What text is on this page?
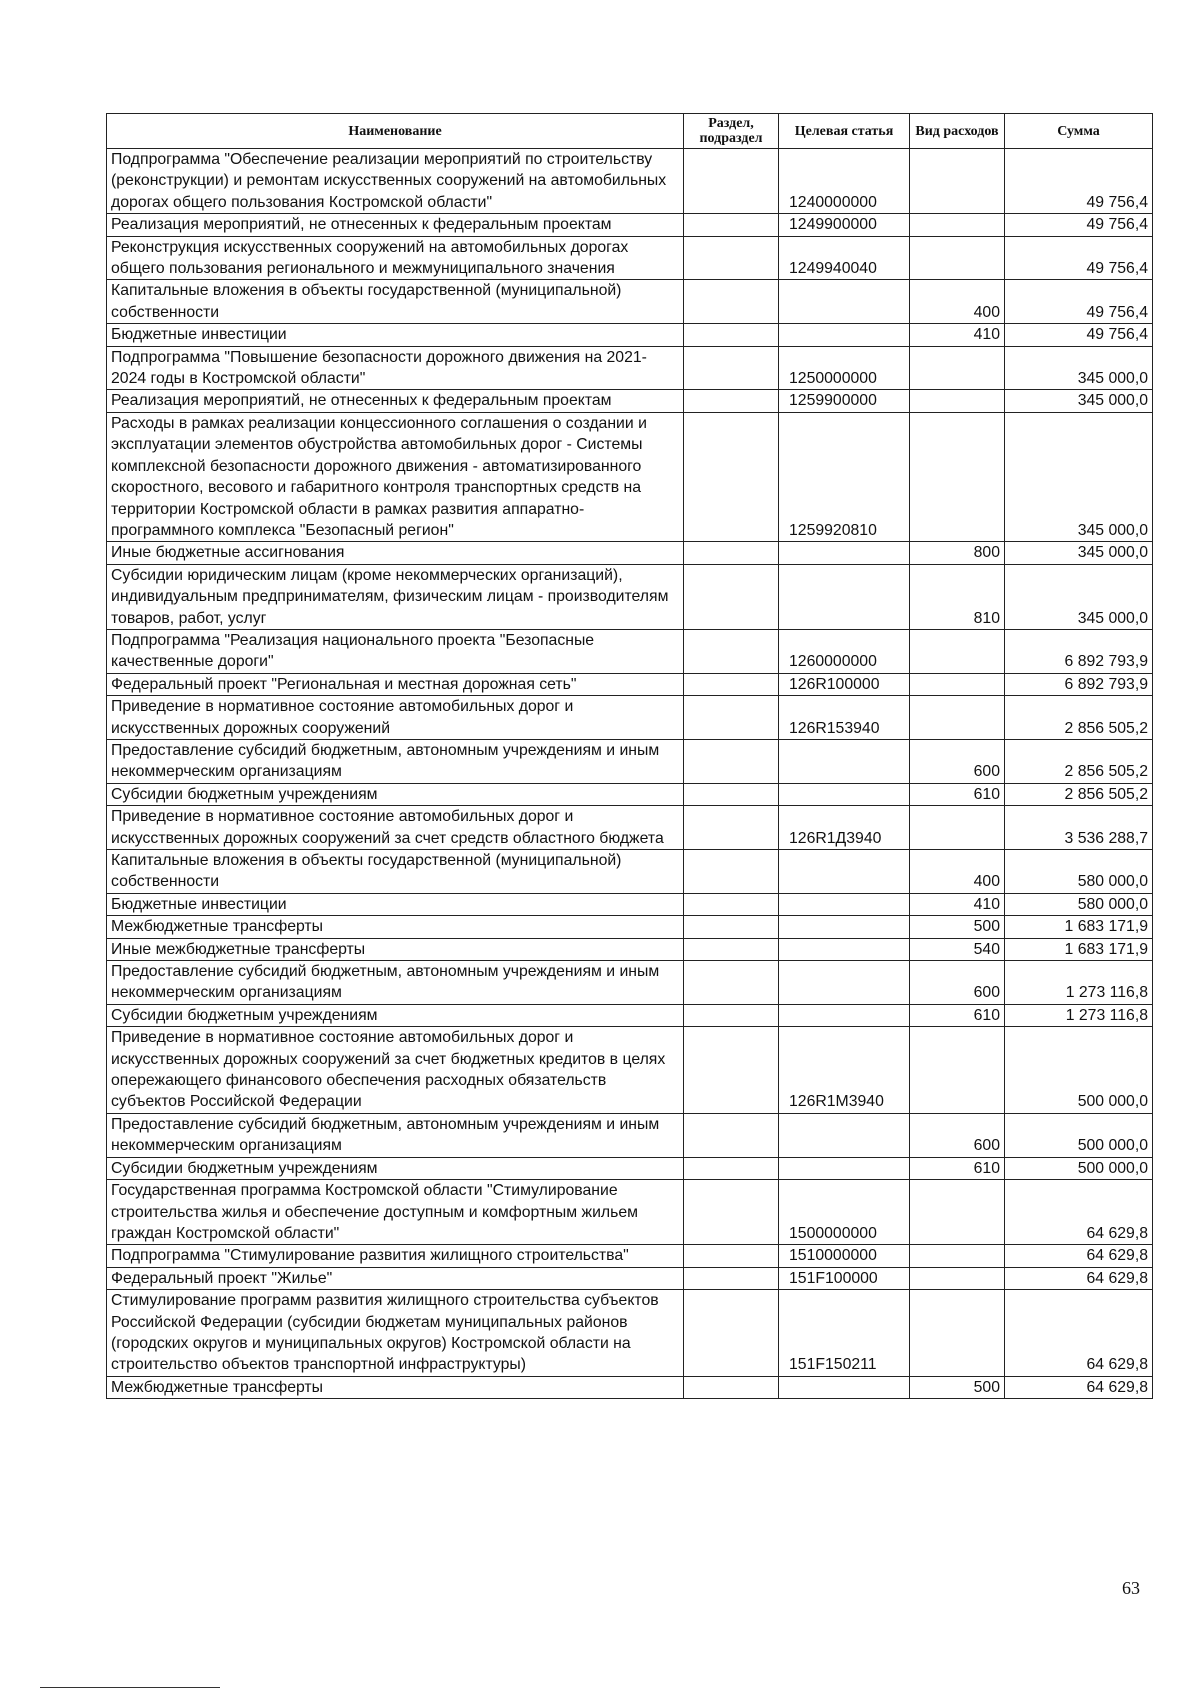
Наименование	Раздел, подраздел	Целевая статья	Вид расходов	Сумма
Подпрограмма "Обеспечение реализации мероприятий по строительству (реконструкции) и ремонтам искусственных сооружений на автомобильных дорогах общего пользования Костромской области"		1240000000		49 756,4
Реализация мероприятий, не отнесенных к федеральным проектам		1249900000		49 756,4
Реконструкция искусственных сооружений на автомобильных дорогах общего пользования регионального и межмуниципального значения		1249940040		49 756,4
Капитальные вложения в объекты государственной (муниципальной) собственности			400	49 756,4
Бюджетные инвестиции			410	49 756,4
Подпрограмма "Повышение безопасности дорожного движения на 2021-2024 годы в Костромской области"		1250000000		345 000,0
Реализация мероприятий, не отнесенных к федеральным проектам		1259900000		345 000,0
Расходы в рамках реализации концессионного соглашения о создании и эксплуатации элементов обустройства автомобильных дорог - Системы комплексной безопасности дорожного движения - автоматизированного скоростного, весового и габаритного контроля транспортных средств на территории Костромской области в рамках развития аппаратно-программного комплекса "Безопасный регион"		1259920810		345 000,0
Иные бюджетные ассигнования			800	345 000,0
Субсидии юридическим лицам (кроме некоммерческих организаций), индивидуальным предпринимателям, физическим лицам - производителям товаров, работ, услуг			810	345 000,0
Подпрограмма "Реализация национального проекта "Безопасные качественные дороги"		1260000000		6 892 793,9
Федеральный проект "Региональная и местная дорожная сеть"		126R100000		6 892 793,9
Приведение в нормативное состояние автомобильных дорог и искусственных дорожных сооружений		126R153940		2 856 505,2
Предоставление субсидий бюджетным, автономным учреждениям и иным некоммерческим организациям			600	2 856 505,2
Субсидии бюджетным учреждениям			610	2 856 505,2
Приведение в нормативное состояние автомобильных дорог и искусственных дорожных сооружений за счет средств областного бюджета		126R1Д3940		3 536 288,7
Капитальные вложения в объекты государственной (муниципальной) собственности			400	580 000,0
Бюджетные инвестиции			410	580 000,0
Межбюджетные трансферты			500	1 683 171,9
Иные межбюджетные трансферты			540	1 683 171,9
Предоставление субсидий бюджетным, автономным учреждениям и иным некоммерческим организациям			600	1 273 116,8
Субсидии бюджетным учреждениям			610	1 273 116,8
Приведение в нормативное состояние автомобильных дорог и искусственных дорожных сооружений за счет бюджетных кредитов в целях опережающего финансового обеспечения расходных обязательств субъектов Российской Федерации		126R1M3940		500 000,0
Предоставление субсидий бюджетным, автономным учреждениям и иным некоммерческим организациям			600	500 000,0
Субсидии бюджетным учреждениям			610	500 000,0
Государственная программа Костромской области "Стимулирование строительства жилья и обеспечение доступным и комфортным жильем граждан Костромской области"		1500000000		64 629,8
Подпрограмма "Стимулирование развития жилищного строительства"		1510000000		64 629,8
Федеральный проект "Жилье"		151F100000		64 629,8
Стимулирование программ развития жилищного строительства субъектов Российской Федерации (субсидии бюджетам муниципальных районов (городских округов и муниципальных округов) Костромской области на строительство объектов транспортной инфраструктуры)		151F150211		64 629,8
Межбюджетные трансферты			500	64 629,8
63
